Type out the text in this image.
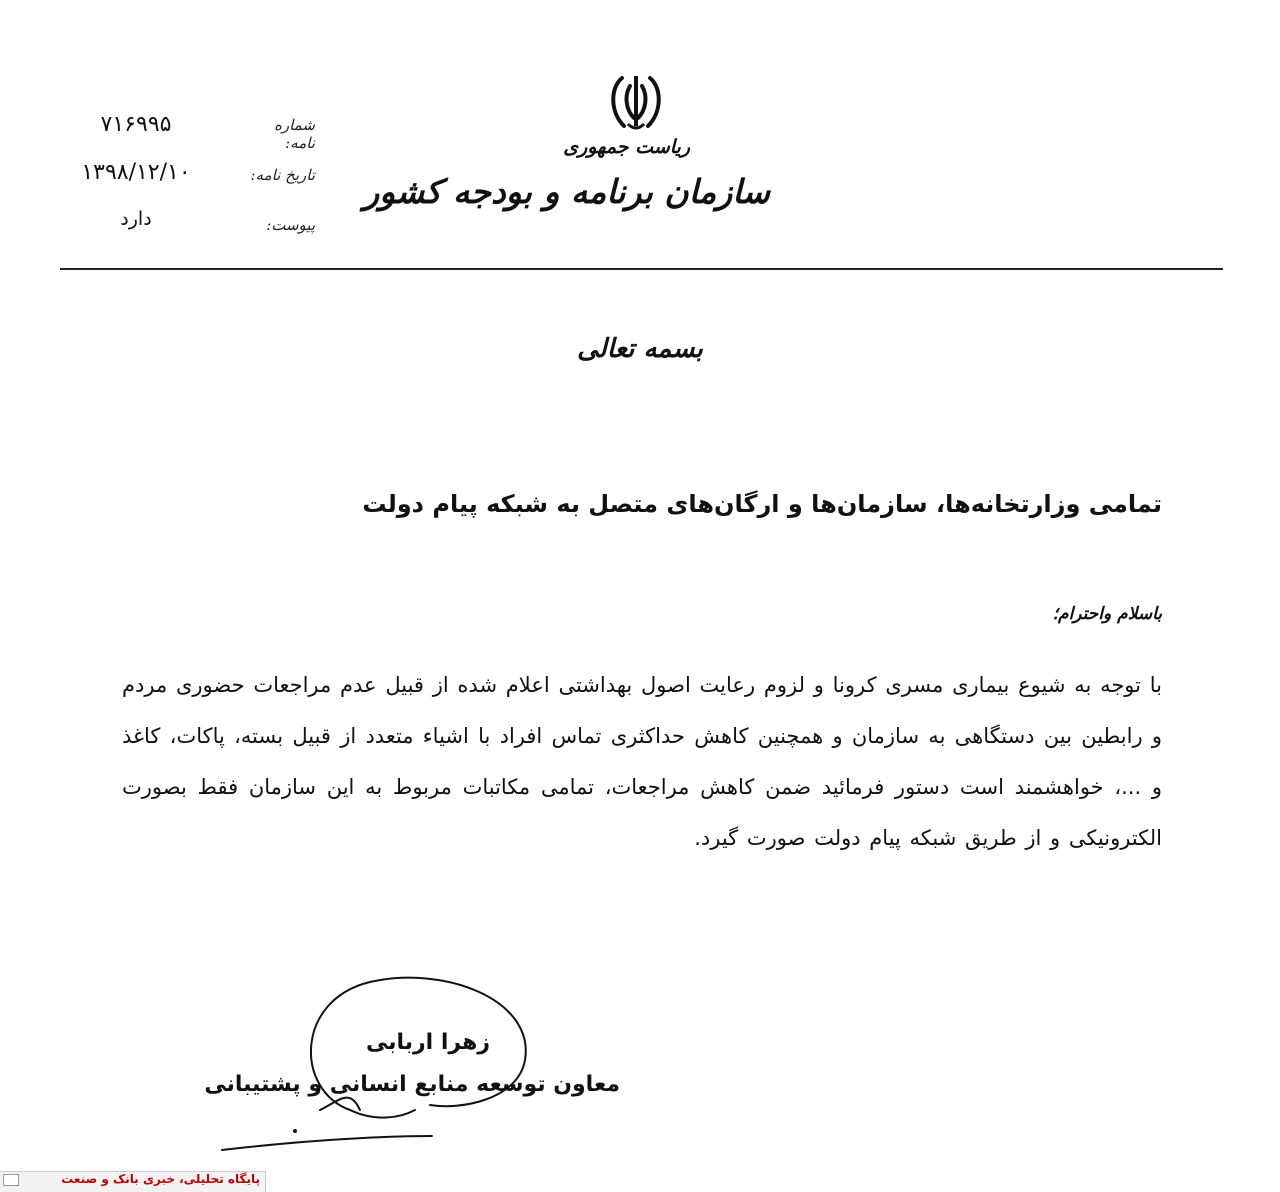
شماره نامه:
۷۱۶۹۹۵
تاریخ نامه:
۱۳۹۸/۱۲/۱۰
پیوست:
دارد
ریاست جمهوری
سازمان برنامه و بودجه کشور
بسمه تعالی
تمامی وزارتخانه‌ها، سازمان‌ها و ارگان‌های متصل به شبکه پیام دولت
باسلام واحترام؛
با توجه به شیوع بیماری مسری کرونا و لزوم رعایت اصول بهداشتی اعلام شده از قبیل عدم مراجعات حضوری مردم و رابطین بین دستگاهی به سازمان و همچنین کاهش حداکثری تماس افراد با اشیاء متعدد از قبیل بسته، پاکات، کاغذ و ...، خواهشمند است دستور فرمائید ضمن کاهش مراجعات، تمامی مکاتبات مربوط به این سازمان فقط بصورت الکترونیکی و از طریق شبکه پیام دولت صورت گیرد.
زهرا اربابی
معاون توسعه منابع انسانی و پشتیبانی
پایگاه تحلیلی، خبری بانک و صنعت
